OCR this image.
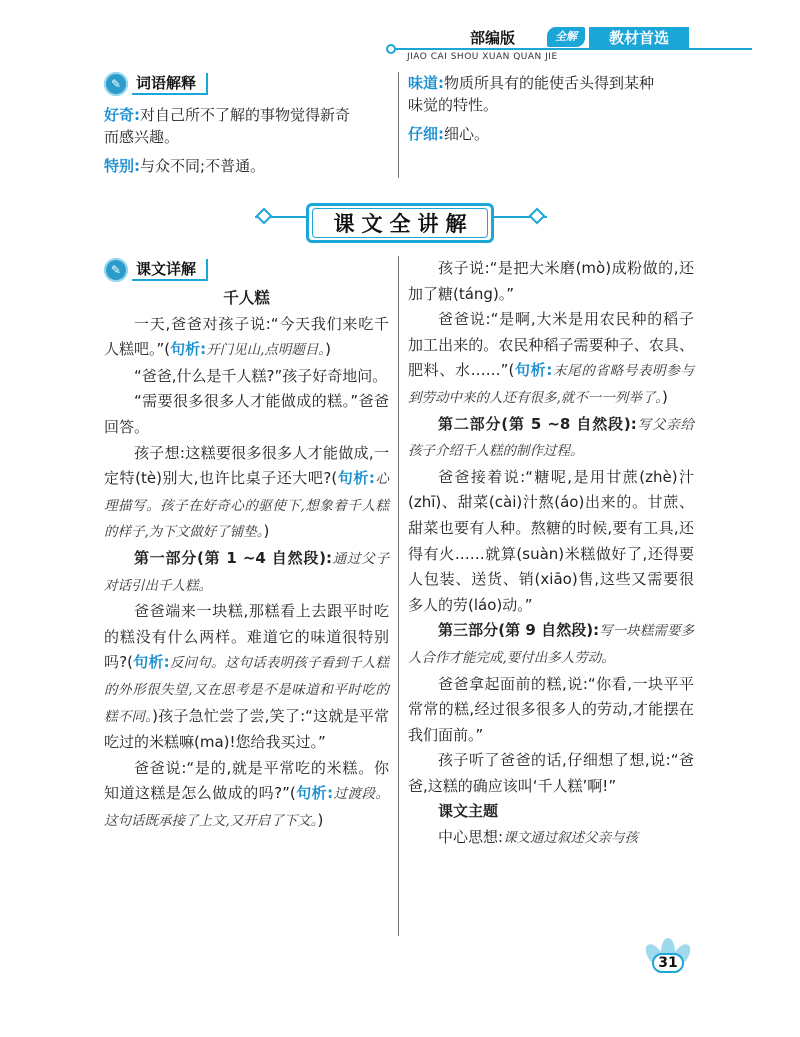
部编版	全解	教材首选
JIAO CAI SHOU XUAN QUAN JIE
✎ 词语解释
好奇:对自己所不了解的事物觉得新奇
而感兴趣。
特别:与众不同;不普通。
味道:物质所具有的能使舌头得到某种
味觉的特性。
仔细:细心。
课文全讲解
✎ 课文详解

千人糕

一天,爸爸对孩子说:“今天我们来吃千人糕吧。”(句析:开门见山,点明题目。)

“爸爸,什么是千人糕?”孩子好奇地问。

“需要很多很多人才能做成的糕。”爸爸回答。

孩子想:这糕要很多很多人才能做成,一定特(tè)别大,也许比桌子还大吧?(句析:心理描写。孩子在好奇心的驱使下,想象着千人糕的样子,为下文做好了铺垫。)

第一部分(第 1 ~4 自然段):通过父子对话引出千人糕。

爸爸端来一块糕,那糕看上去跟平时吃的糕没有什么两样。难道它的味道很特别吗?(句析:反问句。这句话表明孩子看到千人糕的外形很失望,又在思考是不是味道和平时吃的糕不同。)孩子急忙尝了尝,笑了:“这就是平常吃过的米糕嘛(ma)!您给我买过。”

爸爸说:“是的,就是平常吃的米糕。你知道这糕是怎么做成的吗?”(句析:过渡段。这句话既承接了上文,又开启了下文。)

孩子说:“是把大米磨(mò)成粉做的,还加了糖(táng)。”

爸爸说:“是啊,大米是用农民种的稻子加工出来的。农民种稻子需要种子、农具、肥料、水……”(句析:末尾的省略号表明参与到劳动中来的人还有很多,就不一一列举了。)

第二部分(第 5 ~8 自然段):写父亲给孩子介绍千人糕的制作过程。

爸爸接着说:“糖呢,是用甘蔗(zhè)汁(zhī)、甜菜(cài)汁熬(áo)出来的。甘蔗、甜菜也要有人种。熬糖的时候,要有工具,还得有火……就算(suàn)米糕做好了,还得要人包装、送货、销(xiāo)售,这些又需要很多人的劳(láo)动。”

第三部分(第 9 自然段):写一块糕需要多人合作才能完成,要付出多人劳动。

爸爸拿起面前的糕,说:“你看,一块平平常常的糕,经过很多很多人的劳动,才能摆在我们面前。”

孩子听了爸爸的话,仔细想了想,说:“爸爸,这糕的确应该叫‘千人糕’啊!”

课文主题

中心思想:课文通过叙述父亲与孩

31
